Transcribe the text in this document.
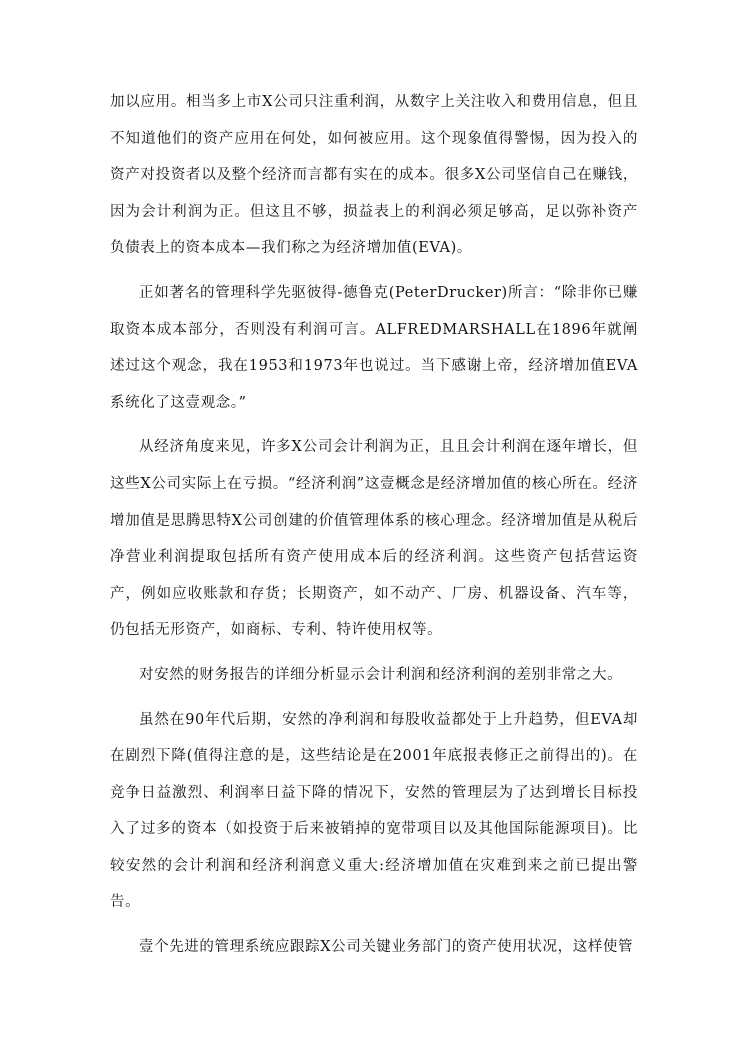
加以应用。相当多上市X公司只注重利润，从数字上关注收入和费用信息，但且不知道他们的资产应用在何处，如何被应用。这个现象值得警惕，因为投入的资产对投资者以及整个经济而言都有实在的成本。很多X公司坚信自己在赚钱，因为会计利润为正。但这且不够，损益表上的利润必须足够高，足以弥补资产负债表上的资本成本—我们称之为经济增加值(EVA)。

正如著名的管理科学先驱彼得-德鲁克(PeterDrucker)所言：“除非你已赚取资本成本部分，否则没有利润可言。ALFREDMARSHALL在1896年就阐述过这个观念，我在1953和1973年也说过。当下感谢上帝，经济增加值EVA系统化了这壹观念。”

从经济角度来见，许多X公司会计利润为正，且且会计利润在逐年增长，但这些X公司实际上在亏损。“经济利润”这壹概念是经济增加值的核心所在。经济增加值是思腾思特X公司创建的价值管理体系的核心理念。经济增加值是从税后净营业利润提取包括所有资产使用成本后的经济利润。这些资产包括营运资产，例如应收账款和存货；长期资产，如不动产、厂房、机器设备、汽车等，仍包括无形资产，如商标、专利、特许使用权等。

对安然的财务报告的详细分析显示会计利润和经济利润的差别非常之大。

虽然在90年代后期，安然的净利润和每股收益都处于上升趋势，但EVA却在剧烈下降(值得注意的是，这些结论是在2001年底报表修正之前得出的)。在竞争日益激烈、利润率日益下降的情况下，安然的管理层为了达到增长目标投入了过多的资本（如投资于后来被销掉的宽带项目以及其他国际能源项目)。比较安然的会计利润和经济利润意义重大:经济增加值在灾难到来之前已提出警告。

壹个先进的管理系统应跟踪X公司关键业务部门的资产使用状况，这样使管
